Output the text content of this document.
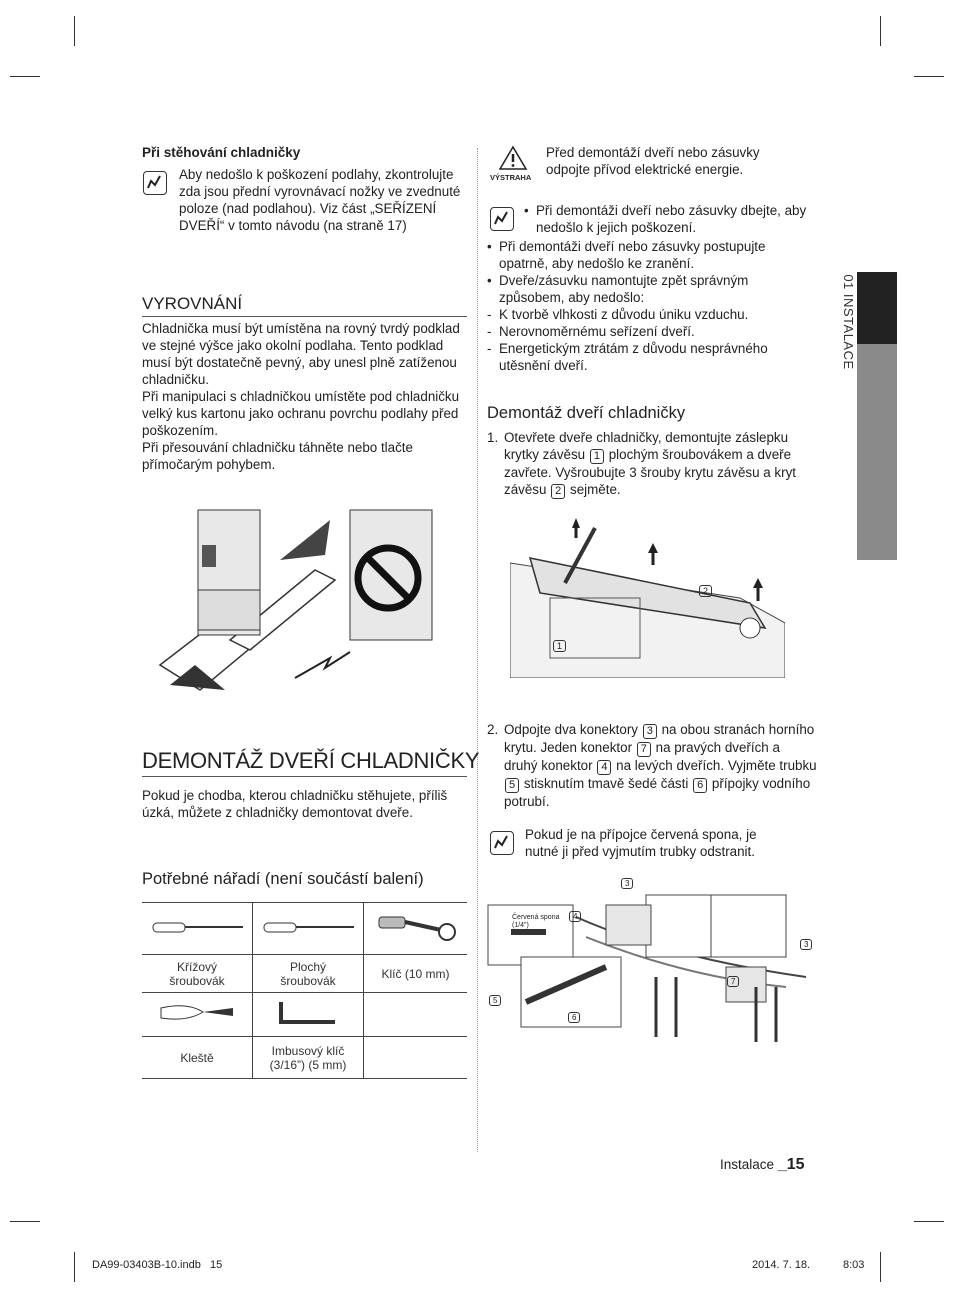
01 INSTALACE
Při stěhování chladničky
Aby nedošlo k poškození podlahy, zkontrolujte zda jsou přední vyrovnávací nožky ve zvednuté poloze (nad podlahou). Viz část „SEŘÍZENÍ DVEŘÍ“ v tomto návodu (na straně 17)
VYROVNÁNÍ
Chladnička musí být umístěna na rovný tvrdý podklad ve stejné výšce jako okolní podlaha. Tento podklad musí být dostatečně pevný, aby unesl plně zatíženou chladničku.
Při manipulaci s chladničkou umístěte pod chladničku velký kus kartonu jako ochranu povrchu podlahy před poškozením.
Při přesouvání chladničku táhněte nebo tlačte přímočarým pohybem.
DEMONTÁŽ DVEŘÍ CHLADNIČKY
Pokud je chodba, kterou chladničku stěhujete, příliš úzká, můžete z chladničky demontovat dveře.
Potřebné nářadí (není součástí balení)

Křížový šroubovák	Plochý šroubovák	Klíč (10 mm)

Kleště	Imbusový klíč (3/16”) (5 mm)	
VÝSTRAHA
Před demontáží dveří nebo zásuvky odpojte přívod elektrické energie.
• Při demontáži dveří nebo zásuvky dbejte, aby nedošlo k jejich poškození.
• Při demontáži dveří nebo zásuvky postupujte opatrně, aby nedošlo ke zranění.
• Dveře/zásuvku namontujte zpět správným způsobem, aby nedošlo:
- K tvorbě vlhkosti z důvodu úniku vzduchu.
- Nerovnoměrnému seřízení dveří.
- Energetickým ztrátám z důvodu nesprávného utěsnění dveří.
Demontáž dveří chladničky
1. Otevřete dveře chladničky, demontujte záslepku krytky závěsu 1 plochým šroubovákem a dveře zavřete. Vyšroubujte 3 šrouby krytu závěsu a kryt závěsu 2 sejměte.
1
2
2. Odpojte dva konektory 3 na obou stranách horního krytu. Jeden konektor 7 na pravých dveřích a druhý konektor 4 na levých dveřích. Vyjměte trubku 5 stisknutím tmavě šedé části 6 přípojky vodního potrubí.
Pokud je na přípojce červená spona, je nutné ji před vyjmutím trubky odstranit.
3
4
3
7
5
6
Červená spona (1/4")
Instalace _15
DA99-03403B-10.indb   15	2014. 7. 18.	8:03
